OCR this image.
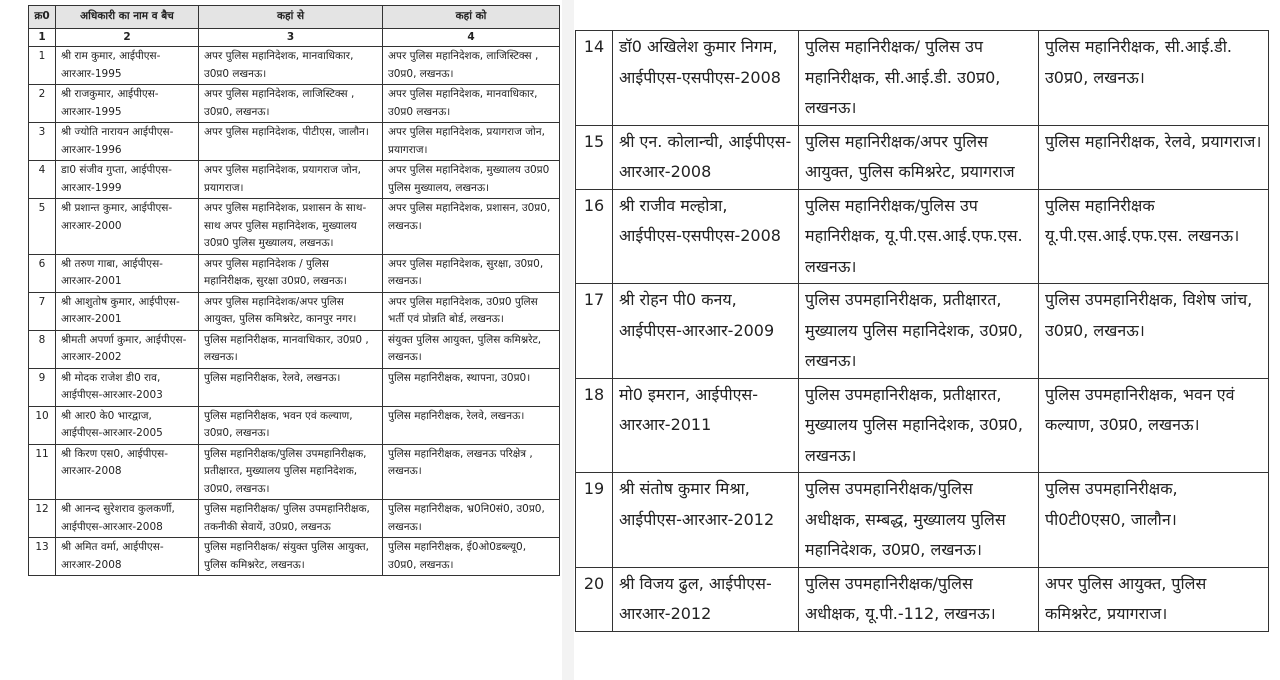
क्र0	अधिकारी का नाम व बैच	कहां से	कहां को
1	2	3	4
1	श्री राम कुमार, आईपीएस-आरआर-1995	अपर पुलिस महानिदेशक, मानवाधिकार, उ0प्र0 लखनऊ।	अपर पुलिस महानिदेशक, लाजिस्टिक्स , उ0प्र0, लखनऊ।
2	श्री राजकुमार, आईपीएस-आरआर-1995	अपर पुलिस महानिदेशक, लाजिस्टिक्स , उ0प्र0, लखनऊ।	अपर पुलिस महानिदेशक, मानवाधिकार, उ0प्र0 लखनऊ।
3	श्री ज्योति नारायन आईपीएस-आरआर-1996	अपर पुलिस महानिदेशक, पीटीएस, जालौन।	अपर पुलिस महानिदेशक, प्रयागराज जोन, प्रयागराज।
4	डा0 संजीव गुप्ता, आईपीएस-आरआर-1999	अपर पुलिस महानिदेशक, प्रयागराज जोन, प्रयागराज।	अपर पुलिस महानिदेशक, मुख्यालय उ0प्र0 पुलिस मुख्यालय, लखनऊ।
5	श्री प्रशान्त कुमार, आईपीएस-आरआर-2000	अपर पुलिस महानिदेशक, प्रशासन के साथ-साथ अपर पुलिस महानिदेशक, मुख्यालय उ0प्र0 पुलिस मुख्यालय, लखनऊ।	अपर पुलिस महानिदेशक, प्रशासन, उ0प्र0, लखनऊ।
6	श्री तरुण गाबा, आईपीएस-आरआर-2001	अपर पुलिस महानिदेशक / पुलिस महानिरीक्षक, सुरक्षा उ0प्र0, लखनऊ।	अपर पुलिस महानिदेशक, सुरक्षा, उ0प्र0, लखनऊ।
7	श्री आशुतोष कुमार, आईपीएस-आरआर-2001	अपर पुलिस महानिदेशक/अपर पुलिस आयुक्त, पुलिस कमिश्नरेट, कानपुर नगर।	अपर पुलिस महानिदेशक, उ0प्र0 पुलिस भर्ती एवं प्रोन्नति बोर्ड, लखनऊ।
8	श्रीमती अपर्णा कुमार, आईपीएस-आरआर-2002	पुलिस महानिरीक्षक, मानवाधिकार, उ0प्र0 , लखनऊ।	संयुक्त पुलिस आयुक्त, पुलिस कमिश्नरेट, लखनऊ।
9	श्री मोदक राजेश डी0 राव, आईपीएस-आरआर-2003	पुलिस महानिरीक्षक, रेलवे, लखनऊ।	पुलिस महानिरीक्षक, स्थापना, उ0प्र0।
10	श्री आर0 के0 भारद्वाज, आईपीएस-आरआर-2005	पुलिस महानिरीक्षक, भवन एवं कल्याण, उ0प्र0, लखनऊ।	पुलिस महानिरीक्षक, रेलवे, लखनऊ।
11	श्री किरण एस0, आईपीएस-आरआर-2008	पुलिस महानिरीक्षक/पुलिस उपमहानिरीक्षक, प्रतीक्षारत, मुख्यालय पुलिस महानिदेशक, उ0प्र0, लखनऊ।	पुलिस महानिरीक्षक, लखनऊ परिक्षेत्र , लखनऊ।
12	श्री आनन्द सुरेशराव कुलकर्णी, आईपीएस-आरआर-2008	पुलिस महानिरीक्षक/ पुलिस उपमहानिरीक्षक, तकनीकी सेवायें, उ0प्र0, लखनऊ	पुलिस महानिरीक्षक, भ्र0नि0सं0, उ0प्र0, लखनऊ।
13	श्री अमित वर्मा, आईपीएस-आरआर-2008	पुलिस महानिरीक्षक/ संयुक्त पुलिस आयुक्त, पुलिस कमिश्नरेट, लखनऊ।	पुलिस महानिरीक्षक, ई0ओ0डब्ल्यू0, उ0प्र0, लखनऊ।
14	डॉ0 अखिलेश कुमार निगम, आईपीएस-एसपीएस-2008	पुलिस महानिरीक्षक/ पुलिस उप महानिरीक्षक, सी.आई.डी. उ0प्र0, लखनऊ।	पुलिस महानिरीक्षक, सी.आई.डी. उ0प्र0, लखनऊ।
15	श्री एन. कोलान्ची, आईपीएस-आरआर-2008	पुलिस महानिरीक्षक/अपर पुलिस आयुक्त, पुलिस कमिश्नरेट, प्रयागराज	पुलिस महानिरीक्षक, रेलवे, प्रयागराज।
16	श्री राजीव मल्होत्रा, आईपीएस-एसपीएस-2008	पुलिस महानिरीक्षक/पुलिस उप महानिरीक्षक, यू.पी.एस.आई.एफ.एस. लखनऊ।	पुलिस महानिरीक्षक यू.पी.एस.आई.एफ.एस. लखनऊ।
17	श्री रोहन पी0 कनय, आईपीएस-आरआर-2009	पुलिस उपमहानिरीक्षक, प्रतीक्षारत, मुख्यालय पुलिस महानिदेशक, उ0प्र0, लखनऊ।	पुलिस उपमहानिरीक्षक, विशेष जांच, उ0प्र0, लखनऊ।
18	मो0 इमरान, आईपीएस-आरआर-2011	पुलिस उपमहानिरीक्षक, प्रतीक्षारत, मुख्यालय पुलिस महानिदेशक, उ0प्र0, लखनऊ।	पुलिस उपमहानिरीक्षक, भवन एवं कल्याण, उ0प्र0, लखनऊ।
19	श्री संतोष कुमार मिश्रा, आईपीएस-आरआर-2012	पुलिस उपमहानिरीक्षक/पुलिस अधीक्षक, सम्बद्ध, मुख्यालय पुलिस महानिदेशक, उ0प्र0, लखनऊ।	पुलिस उपमहानिरीक्षक, पी0टी0एस0, जालौन।
20	श्री विजय ढुल, आईपीएस-आरआर-2012	पुलिस उपमहानिरीक्षक/पुलिस अधीक्षक, यू.पी.-112, लखनऊ।	अपर पुलिस आयुक्त, पुलिस कमिश्नरेट, प्रयागराज।
